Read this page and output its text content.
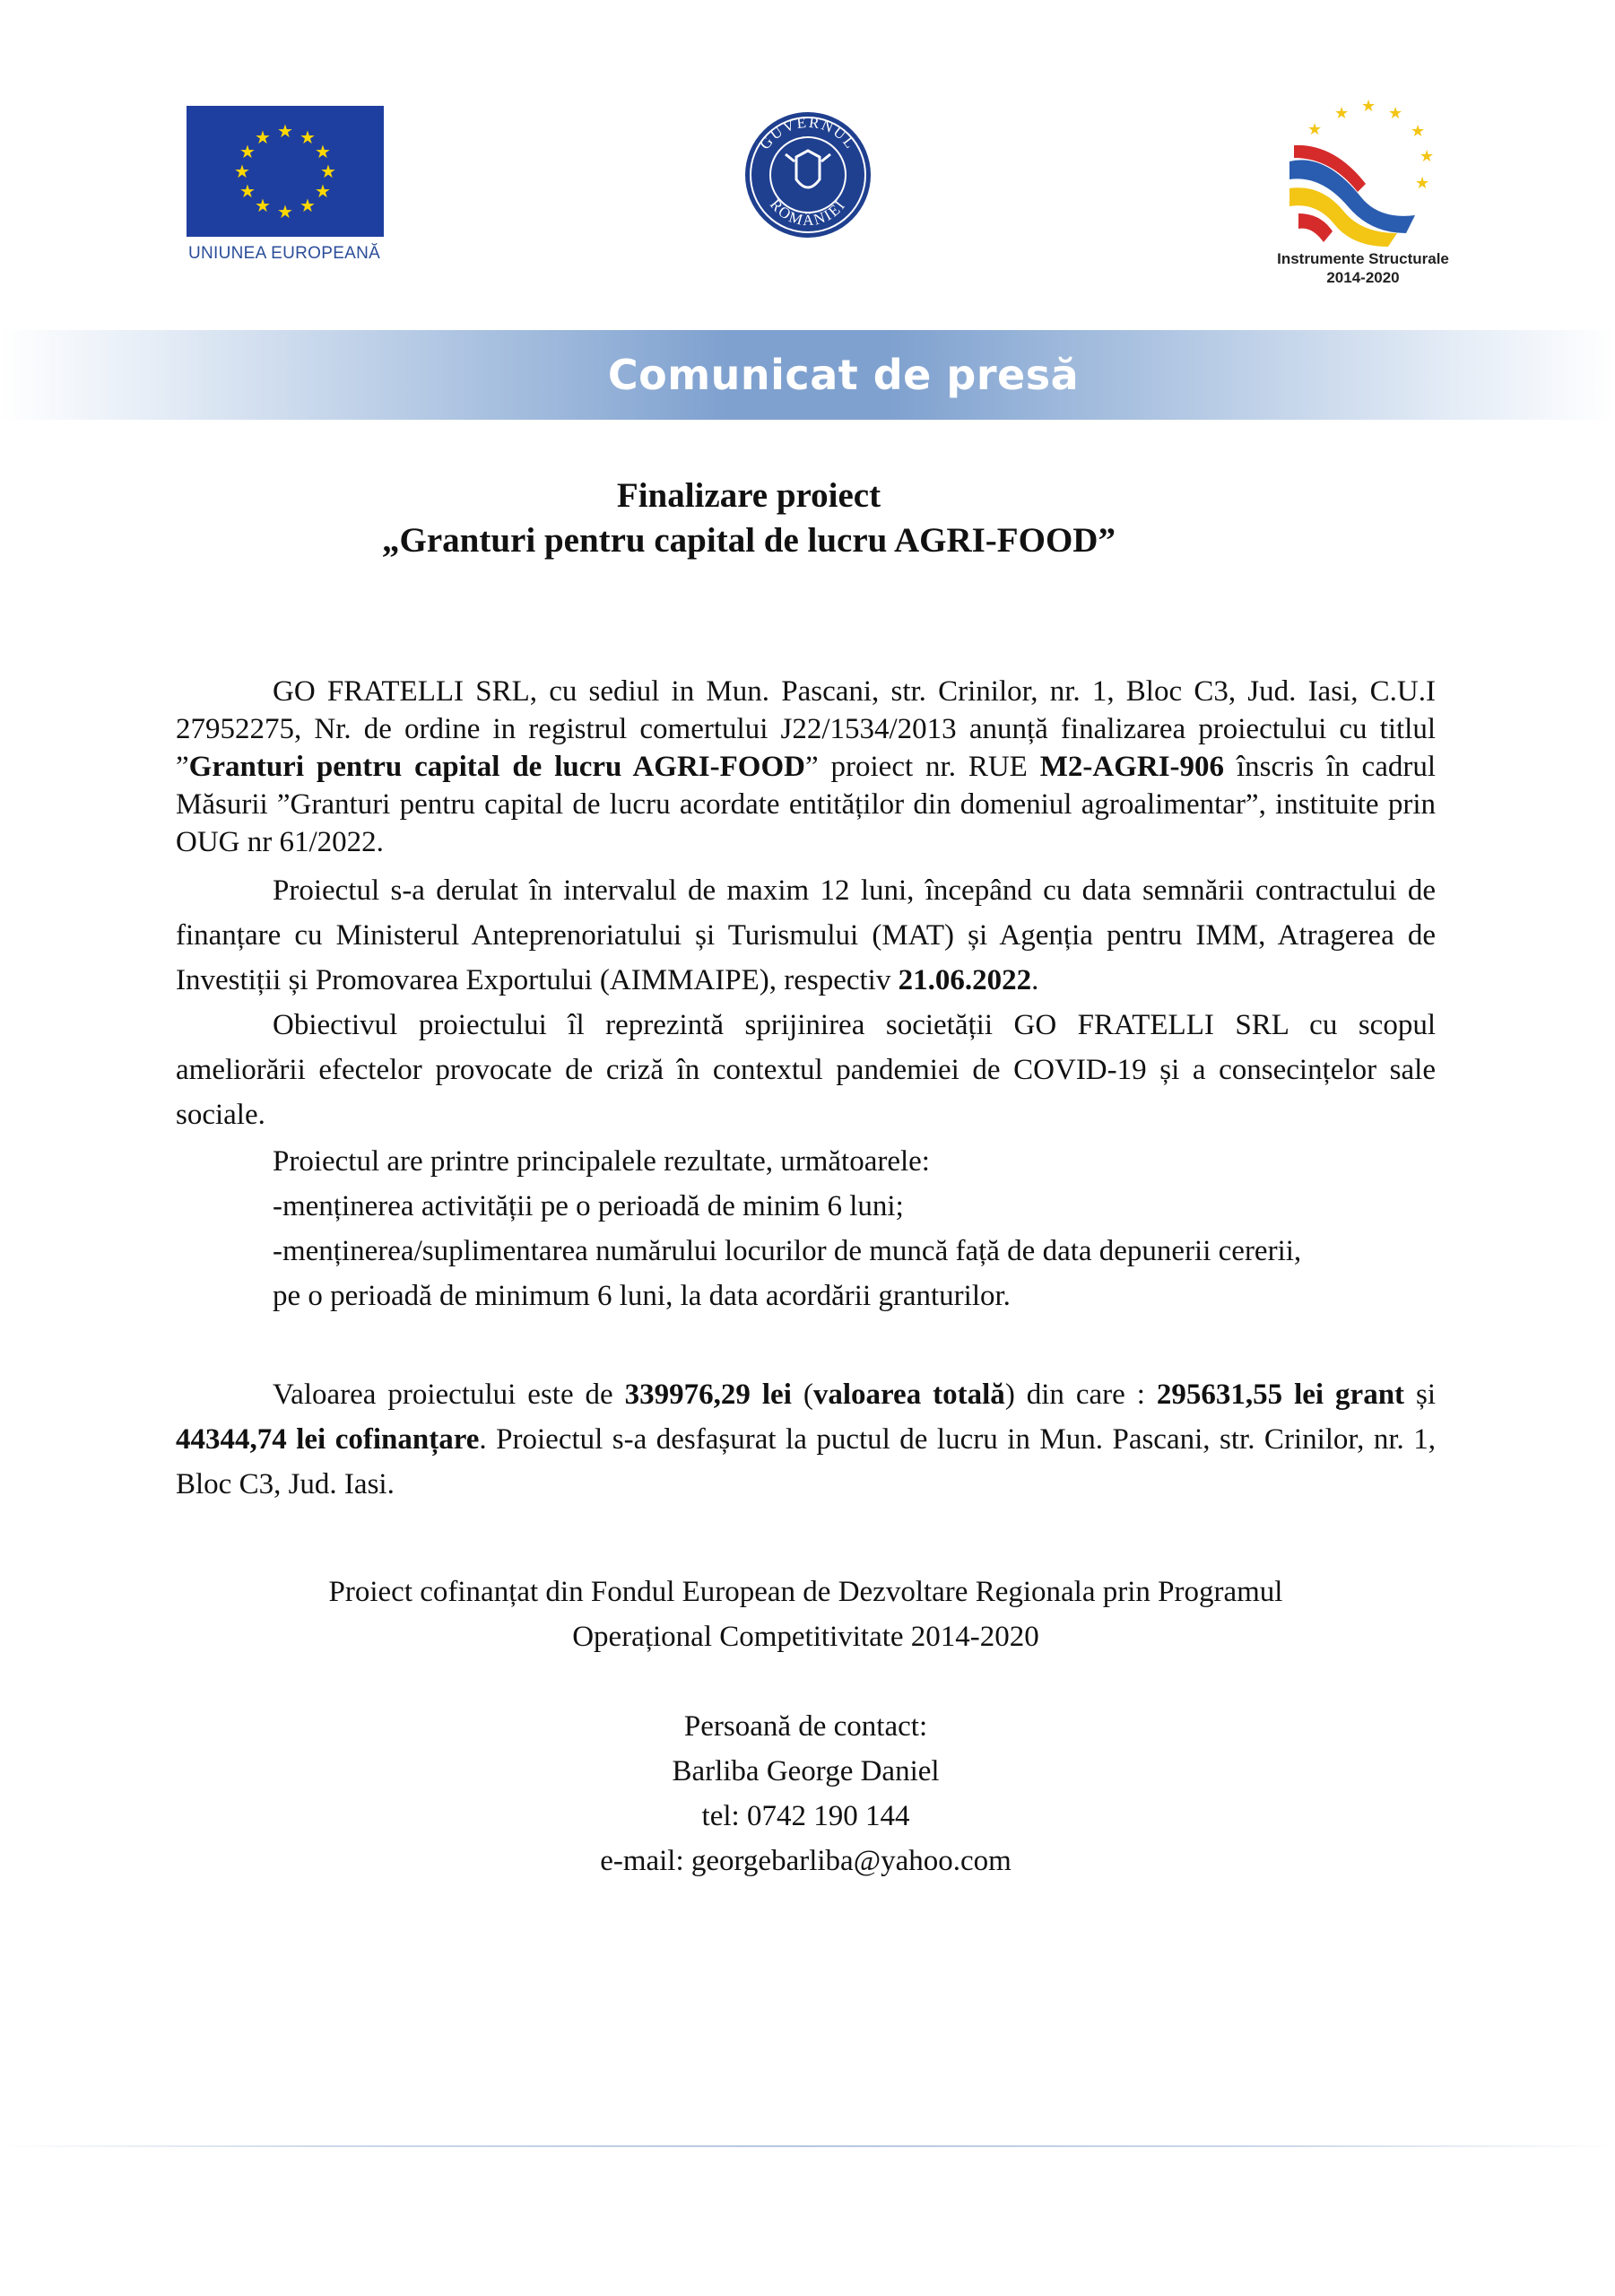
★ ★
★
★
★
★
★
★
★
★
★
★
UNIUNEA EUROPEANĂ
GUVERNUL
ROMÂNIEI
★
★ ★ ★
★
★
★
Instrumente Structurale
2014-2020
Comunicat de presă
Finalizare proiect
„Granturi pentru capital de lucru AGRI-FOOD”

GO FRATELLI SRL, cu sediul in Mun. Pascani, str. Crinilor, nr. 1, Bloc C3, Jud. Iasi, C.U.I 27952275, Nr. de ordine in registrul comertului J22/1534/2013 anunță finalizarea proiectului cu titlul ”Granturi pentru capital de lucru AGRI-FOOD” proiect nr. RUE M2-AGRI-906 înscris în cadrul Măsurii ”Granturi pentru capital de lucru acordate entităților din domeniul agroalimentar”, instituite prin OUG nr 61/2022.

Proiectul s-a derulat în intervalul de maxim 12 luni, începând cu data semnării contractului de finanțare cu Ministerul Anteprenoriatului și Turismului (MAT) și Agenția pentru IMM, Atragerea de Investiții și Promovarea Exportului (AIMMAIPE), respectiv 21.06.2022.

Obiectivul proiectului îl reprezintă sprijinirea societății GO FRATELLI SRL cu scopul ameliorării efectelor provocate de criză în contextul pandemiei de COVID-19 și a consecințelor sale sociale.

Proiectul are printre principalele rezultate, următoarele:
-menținerea activității pe o perioadă de minim 6 luni;
-menținerea/suplimentarea numărului locurilor de muncă față de data depunerii cererii,
pe o perioadă de minimum 6 luni, la data acordării granturilor.

Valoarea proiectului este de 339976,29 lei (valoarea totală) din care : 295631,55 lei grant și 44344,74 lei cofinanțare. Proiectul s-a desfașurat la puctul de lucru in Mun. Pascani, str. Crinilor, nr. 1, Bloc C3, Jud. Iasi.

Proiect cofinanțat din Fondul European de Dezvoltare Regionala prin Programul
Operațional Competitivitate 2014-2020
Persoană de contact:
Barliba George Daniel
tel: 0742 190 144
e-mail: georgebarliba@yahoo.com
